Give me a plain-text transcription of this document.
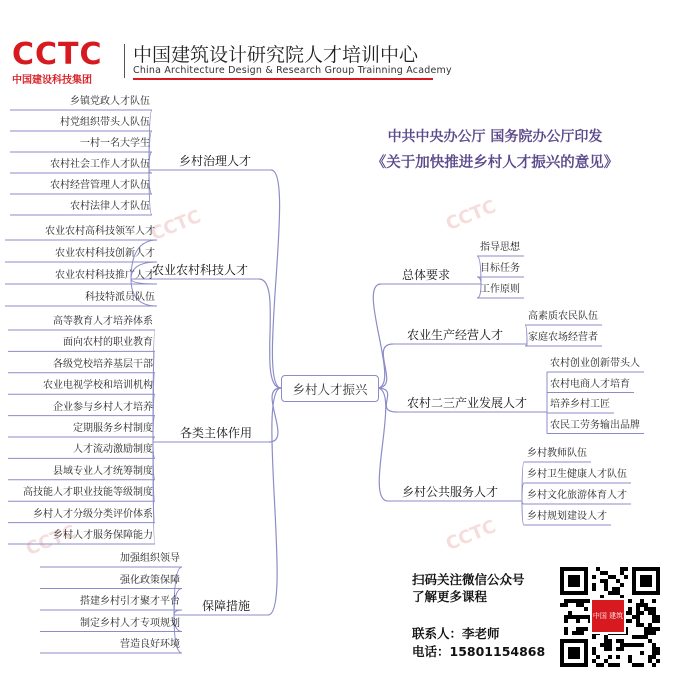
CCTC
中国建设科技集团
中国建筑设计研究院人才培训中心
China Architecture Design & Research Group Trainning Academy
中共中央办公厅 国务院办公厅印发
《关于加快推进乡村人才振兴的意见》
CCTC	CCTC
CCTC	CCTC
乡村治理人才
乡镇党政人才队伍
村党组织带头人队伍
一村一名大学生
农村社会工作人才队伍
农村经营管理人才队伍
农村法律人才队伍
农业农村科技人才
农业农村高科技领军人才
农业农村科技创新人才
农业农村科技推广人才
科技特派员队伍
各类主体作用
高等教育人才培养体系
面向农村的职业教育
各级党校培养基层干部
农业电视学校和培训机构
企业参与乡村人才培养
定期服务乡村制度
人才流动激励制度
县域专业人才统筹制度
高技能人才职业技能等级制度
乡村人才分级分类评价体系
乡村人才服务保障能力
保障措施
加强组织领导
强化政策保障
搭建乡村引才聚才平台
制定乡村人才专项规划
营造良好环境
总体要求
指导思想
目标任务
工作原则
农业生产经营人才
高素质农民队伍
家庭农场经营者
农村二三产业发展人才
农村创业创新带头人
农村电商人才培育
培养乡村工匠
农民工劳务输出品牌
乡村公共服务人才
乡村教师队伍
乡村卫生健康人才队伍
乡村文化旅游体育人才
乡村规划建设人才
乡村人才振兴
扫码关注微信公众号
了解更多课程
联系人：李老师
电话：15801154868
中国 建筑
